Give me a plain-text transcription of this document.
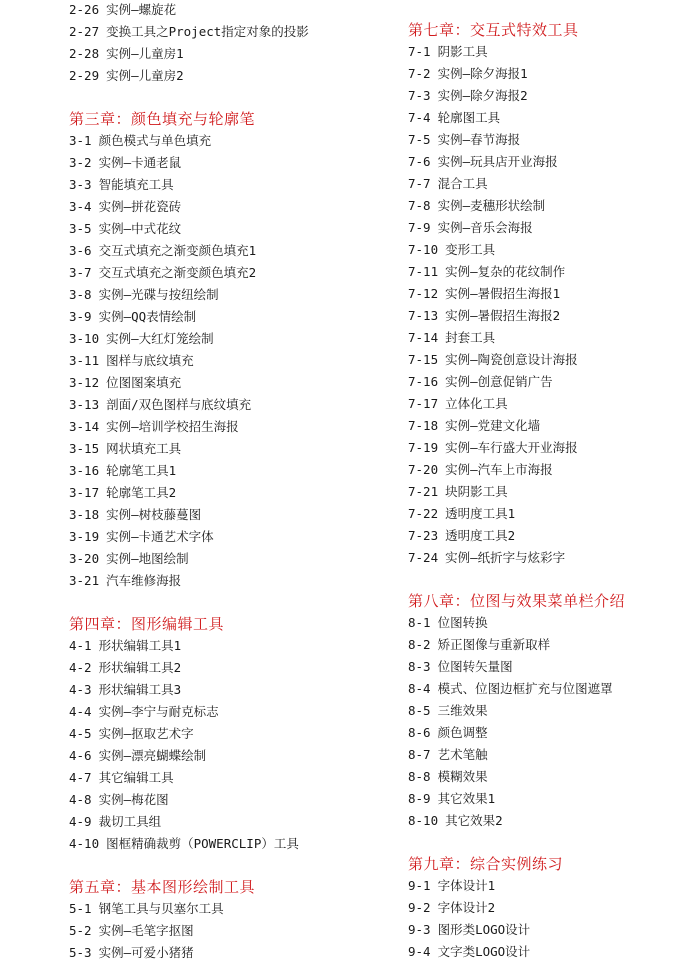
2-26 实例—螺旋花
2-27 变换工具之Project指定对象的投影
2-28 实例—儿童房1
2-29 实例—儿童房2
第三章：颜色填充与轮廓笔
3-1 颜色模式与单色填充
3-2 实例—卡通老鼠
3-3 智能填充工具
3-4 实例—拼花瓷砖
3-5 实例—中式花纹
3-6 交互式填充之渐变颜色填充1
3-7 交互式填充之渐变颜色填充2
3-8 实例—光碟与按纽绘制
3-9 实例—QQ表情绘制
3-10 实例—大红灯笼绘制
3-11 图样与底纹填充
3-12 位图图案填充
3-13 剖面/双色图样与底纹填充
3-14 实例—培训学校招生海报
3-15 网状填充工具
3-16 轮廓笔工具1
3-17 轮廓笔工具2
3-18 实例—树枝藤蔓图
3-19 实例—卡通艺术字体
3-20 实例—地图绘制
3-21 汽车维修海报
第四章：图形编辑工具
4-1 形状编辑工具1
4-2 形状编辑工具2
4-3 形状编辑工具3
4-4 实例—李宁与耐克标志
4-5 实例—抠取艺术字
4-6 实例—漂亮蝴蝶绘制
4-7 其它编辑工具
4-8 实例—梅花图
4-9 裁切工具组
4-10 图框精确裁剪（POWERCLIP）工具
第五章：基本图形绘制工具
5-1 钢笔工具与贝塞尔工具
5-2 实例—毛笔字抠图
5-3 实例—可爱小猪猪
第七章：交互式特效工具
7-1 阴影工具
7-2 实例—除夕海报1
7-3 实例—除夕海报2
7-4 轮廓图工具
7-5 实例—春节海报
7-6 实例—玩具店开业海报
7-7 混合工具
7-8 实例—麦穗形状绘制
7-9 实例—音乐会海报
7-10 变形工具
7-11 实例—复杂的花纹制作
7-12 实例—暑假招生海报1
7-13 实例—暑假招生海报2
7-14 封套工具
7-15 实例—陶瓷创意设计海报
7-16 实例—创意促销广告
7-17 立体化工具
7-18 实例—党建文化墙
7-19 实例—车行盛大开业海报
7-20 实例—汽车上市海报
7-21 块阴影工具
7-22 透明度工具1
7-23 透明度工具2
7-24 实例—纸折字与炫彩字
第八章：位图与效果菜单栏介绍
8-1 位图转换
8-2 矫正图像与重新取样
8-3 位图转矢量图
8-4 模式、位图边框扩充与位图遮罩
8-5 三维效果
8-6 颜色调整
8-7 艺术笔触
8-8 模糊效果
8-9 其它效果1
8-10 其它效果2
第九章：综合实例练习
9-1 字体设计1
9-2 字体设计2
9-3 图形类LOGO设计
9-4 文字类LOGO设计
